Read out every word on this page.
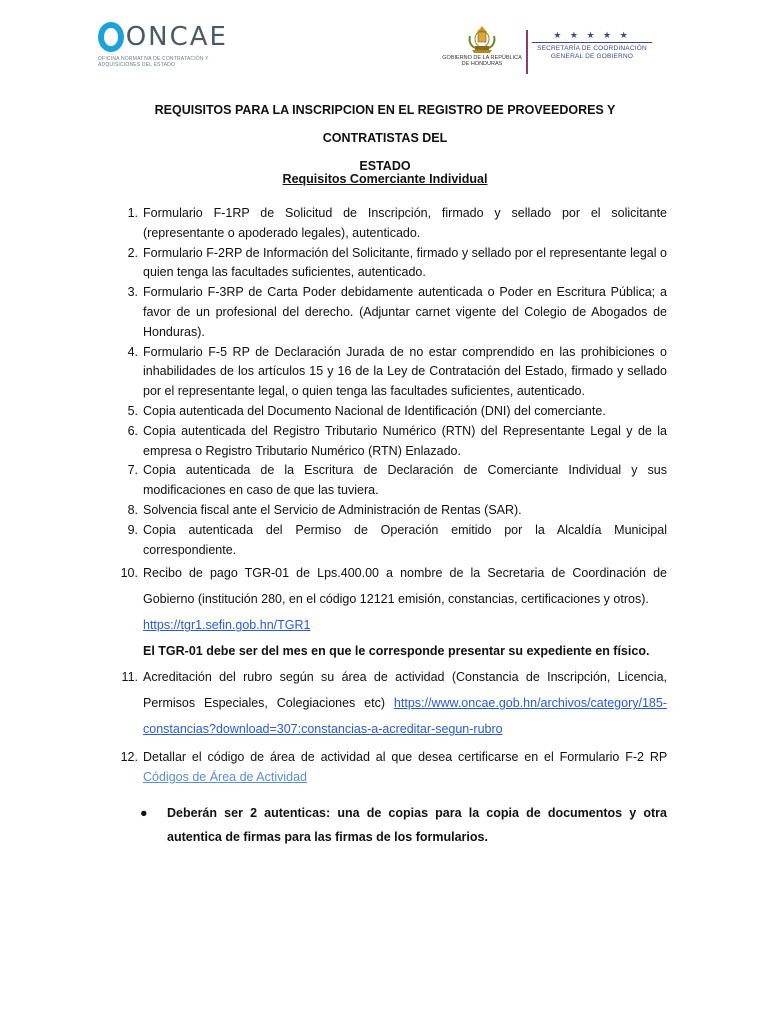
ONCAE
OFICINA NORMATIVA DE CONTRATACIÓN Y ADQUISICIONES DEL ESTADO
GOBIERNO DE LA REPÚBLICA DE HONDURAS
★ ★ ★ ★ ★
SECRETARÍA DE COORDINACIÓN GENERAL DE GOBIERNO
REQUISITOS PARA LA INSCRIPCION EN EL REGISTRO DE PROVEEDORES Y CONTRATISTAS DEL
ESTADO
Requisitos Comerciante Individual
1. Formulario F-1RP de Solicitud de Inscripción, firmado y sellado por el solicitante (representante o apoderado legales), autenticado.
2. Formulario F-2RP de Información del Solicitante, firmado y sellado por el representante legal o quien tenga las facultades suficientes, autenticado.
3. Formulario F-3RP de Carta Poder debidamente autenticada o Poder en Escritura Pública; a favor de un profesional del derecho. (Adjuntar carnet vigente del Colegio de Abogados de Honduras).
4. Formulario F-5 RP de Declaración Jurada de no estar comprendido en las prohibiciones o inhabilidades de los artículos 15 y 16 de la Ley de Contratación del Estado, firmado y sellado por el representante legal, o quien tenga las facultades suficientes, autenticado.
5. Copia autenticada del Documento Nacional de Identificación (DNI) del comerciante.
6. Copia autenticada del Registro Tributario Numérico (RTN) del Representante Legal y de la empresa o Registro Tributario Numérico (RTN) Enlazado.
7. Copia autenticada de la Escritura de Declaración de Comerciante Individual y sus modificaciones en caso de que las tuviera.
8. Solvencia fiscal ante el Servicio de Administración de Rentas (SAR).
9. Copia autenticada del Permiso de Operación emitido por la Alcaldía Municipal correspondiente.
10. Recibo de pago TGR-01 de Lps.400.00 a nombre de la Secretaria de Coordinación de Gobierno (institución 280, en el código 12121 emisión, constancias, certificaciones y otros).
https://tgr1.sefin.gob.hn/TGR1

El TGR-01 debe ser del mes en que le corresponde presentar su expediente en físico.

11. Acreditación del rubro según su área de actividad (Constancia de Inscripción, Licencia, Permisos Especiales, Colegiaciones etc) https://www.oncae.gob.hn/archivos/category/185-constancias?download=307:constancias-a-acreditar-segun-rubro
12. Detallar el código de área de actividad al que desea certificarse en el Formulario F-2 RP Códigos de Área de Actividad
●	Deberán ser 2 autenticas: una de copias para la copia de documentos y otra autentica de firmas para las firmas de los formularios.
